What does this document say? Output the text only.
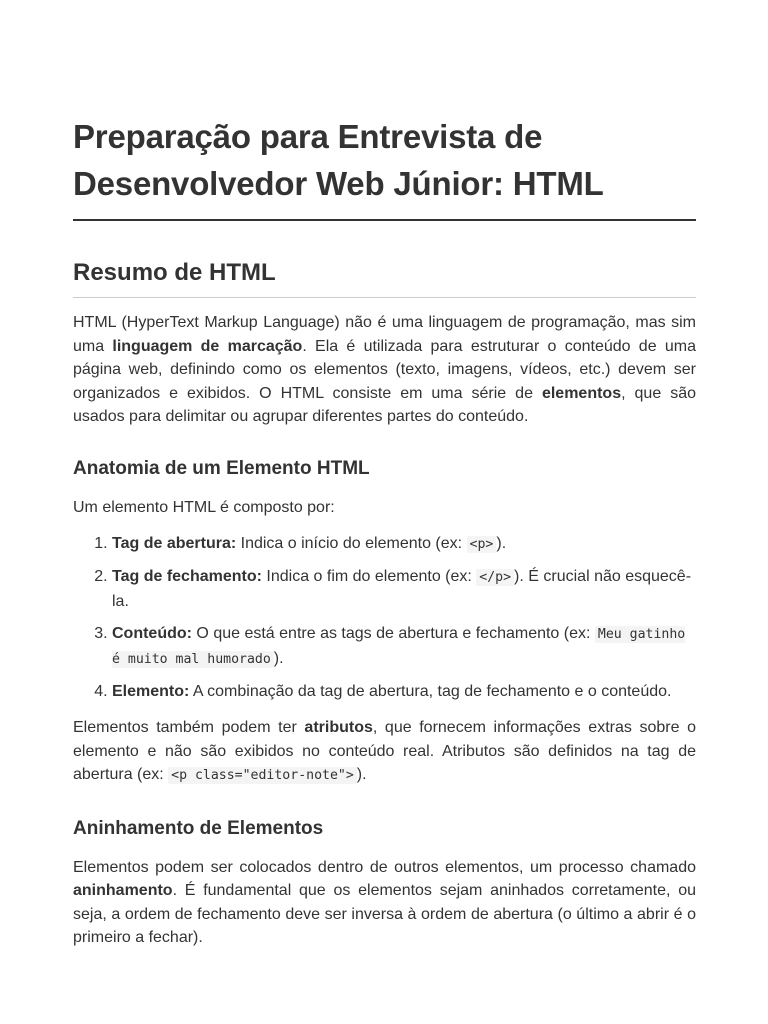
Preparação para Entrevista de
Desenvolvedor Web Júnior: HTML
Resumo de HTML

HTML (HyperText Markup Language) não é uma linguagem de programação, mas sim uma linguagem de marcação. Ela é utilizada para estruturar o conteúdo de uma página web, definindo como os elementos (texto, imagens, vídeos, etc.) devem ser organizados e exibidos. O HTML consiste em uma série de elementos, que são usados para delimitar ou agrupar diferentes partes do conteúdo.

Anatomia de um Elemento HTML

Um elemento HTML é composto por:

1. Tag de abertura: Indica o início do elemento (ex: <p> ).
2. Tag de fechamento: Indica o fim do elemento (ex: </p> ). É crucial não esquecê-la.
3. Conteúdo: O que está entre as tags de abertura e fechamento (ex: Meu gatinho é muito mal humorado ).
4. Elemento: A combinação da tag de abertura, tag de fechamento e o conteúdo.

Elementos também podem ter atributos, que fornecem informações extras sobre o elemento e não são exibidos no conteúdo real. Atributos são definidos na tag de abertura (ex: <p class="editor-note"> ).

Aninhamento de Elementos

Elementos podem ser colocados dentro de outros elementos, um processo chamado aninhamento. É fundamental que os elementos sejam aninhados corretamente, ou seja, a ordem de fechamento deve ser inversa à ordem de abertura (o último a abrir é o primeiro a fechar).
